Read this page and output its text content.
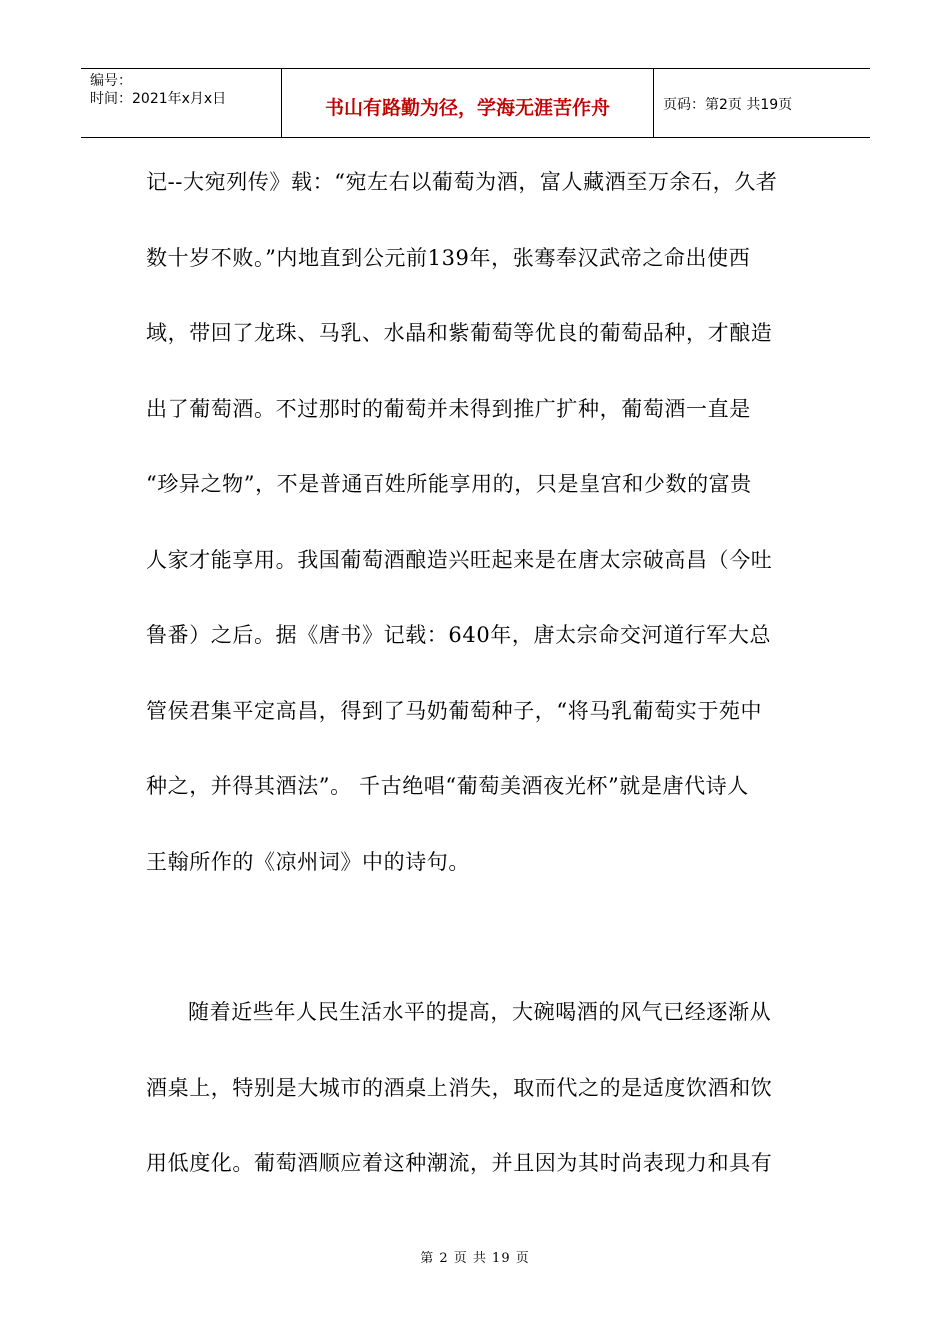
编号：
时间：2021年x月x日	书山有路勤为径，学海无涯苦作舟	页码：第2页 共19页
记--大宛列传》载：“宛左右以葡萄为酒，富人藏酒至万余石，久者
数十岁不败。”内地直到公元前139年，张骞奉汉武帝之命出使西
域，带回了龙珠、马乳、水晶和紫葡萄等优良的葡萄品种，才酿造
出了葡萄酒。不过那时的葡萄并未得到推广扩种，葡萄酒一直是
“珍异之物”，不是普通百姓所能享用的，只是皇宫和少数的富贵
人家才能享用。我国葡萄酒酿造兴旺起来是在唐太宗破高昌（今吐
鲁番）之后。据《唐书》记载：640年，唐太宗命交河道行军大总
管侯君集平定高昌，得到了马奶葡萄种子，“将马乳葡萄实于苑中
种之，并得其酒法”。 千古绝唱“葡萄美酒夜光杯”就是唐代诗人
王翰所作的《凉州词》中的诗句。
随着近些年人民生活水平的提高，大碗喝酒的风气已经逐渐从
酒桌上，特别是大城市的酒桌上消失，取而代之的是适度饮酒和饮
用低度化。葡萄酒顺应着这种潮流，并且因为其时尚表现力和具有
第 2 页 共 19 页
